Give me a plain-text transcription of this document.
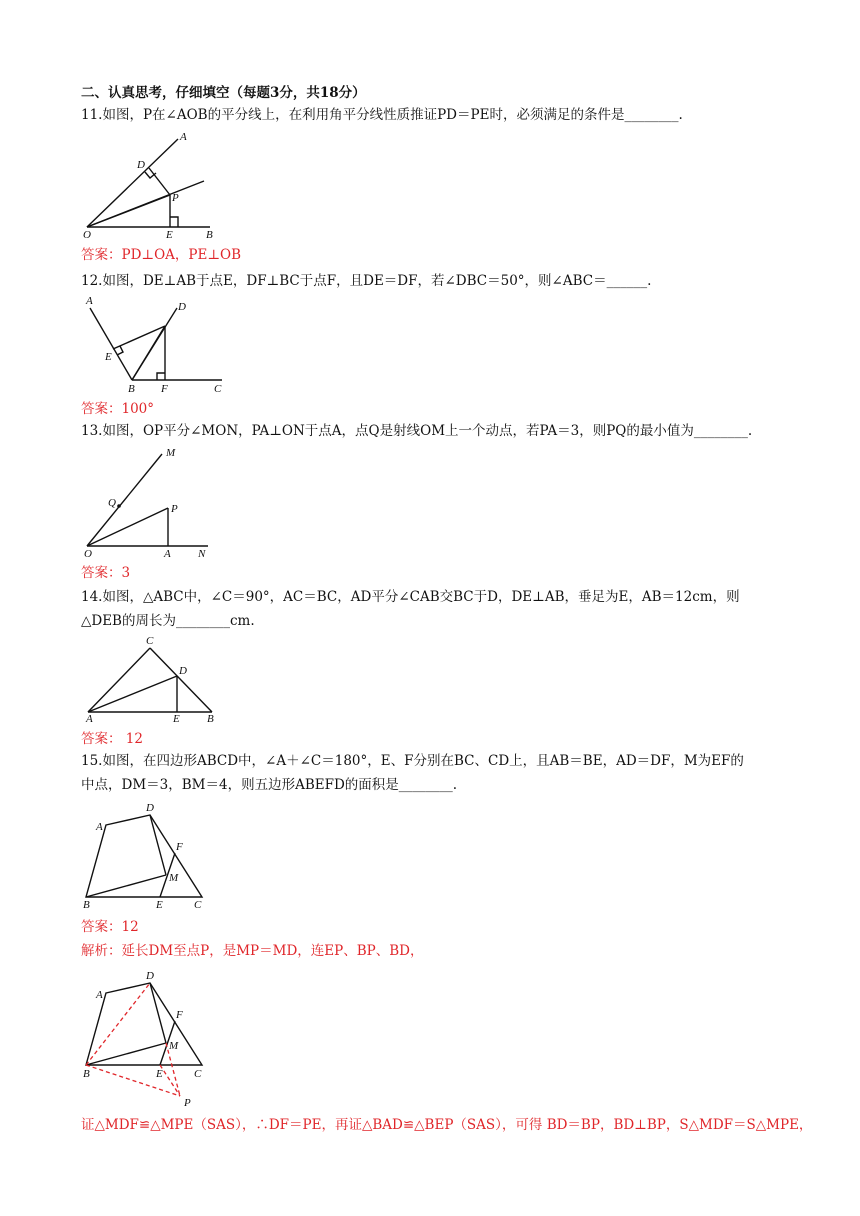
二、认真思考，仔细填空（每题3分，共18分）
11.如图，P在∠AOB的平分线上，在利用角平分线性质推证PD＝PE时，必须满足的条件是________.
A
D
P
O	E	B
答案：PD⊥OA，PE⊥OB
12.如图，DE⊥AB于点E，DF⊥BC于点F，且DE＝DF，若∠DBC＝50°，则∠ABC＝______.
A	D
E
B F	C
答案：100°
13.如图，OP平分∠MON，PA⊥ON于点A，点Q是射线OM上一个动点，若PA＝3，则PQ的最小值为________.
M
Q	P
O	A N
答案：3
14.如图，△ABC中，∠C＝90°，AC＝BC，AD平分∠CAB交BC于D，DE⊥AB，垂足为E，AB＝12cm，则
△DEB的周长为________cm.
C
D
A	E B
答案： 12
15.如图，在四边形ABCD中，∠A＋∠C＝180°，E、F分别在BC、CD上，且AB＝BE，AD＝DF，M为EF的
中点，DM＝3，BM＝4，则五边形ABEFD的面积是________.
D
A
F
M
B	E	C
答案：12
解析：延长DM至点P，是MP＝MD，连EP、BP、BD，
D
A
F
M
B	E	C
P
证△MDF≌△MPE（SAS），∴DF＝PE，再证△BAD≌△BEP（SAS），可得 BD＝BP，BD⊥BP，S△MDF＝S△MPE，
